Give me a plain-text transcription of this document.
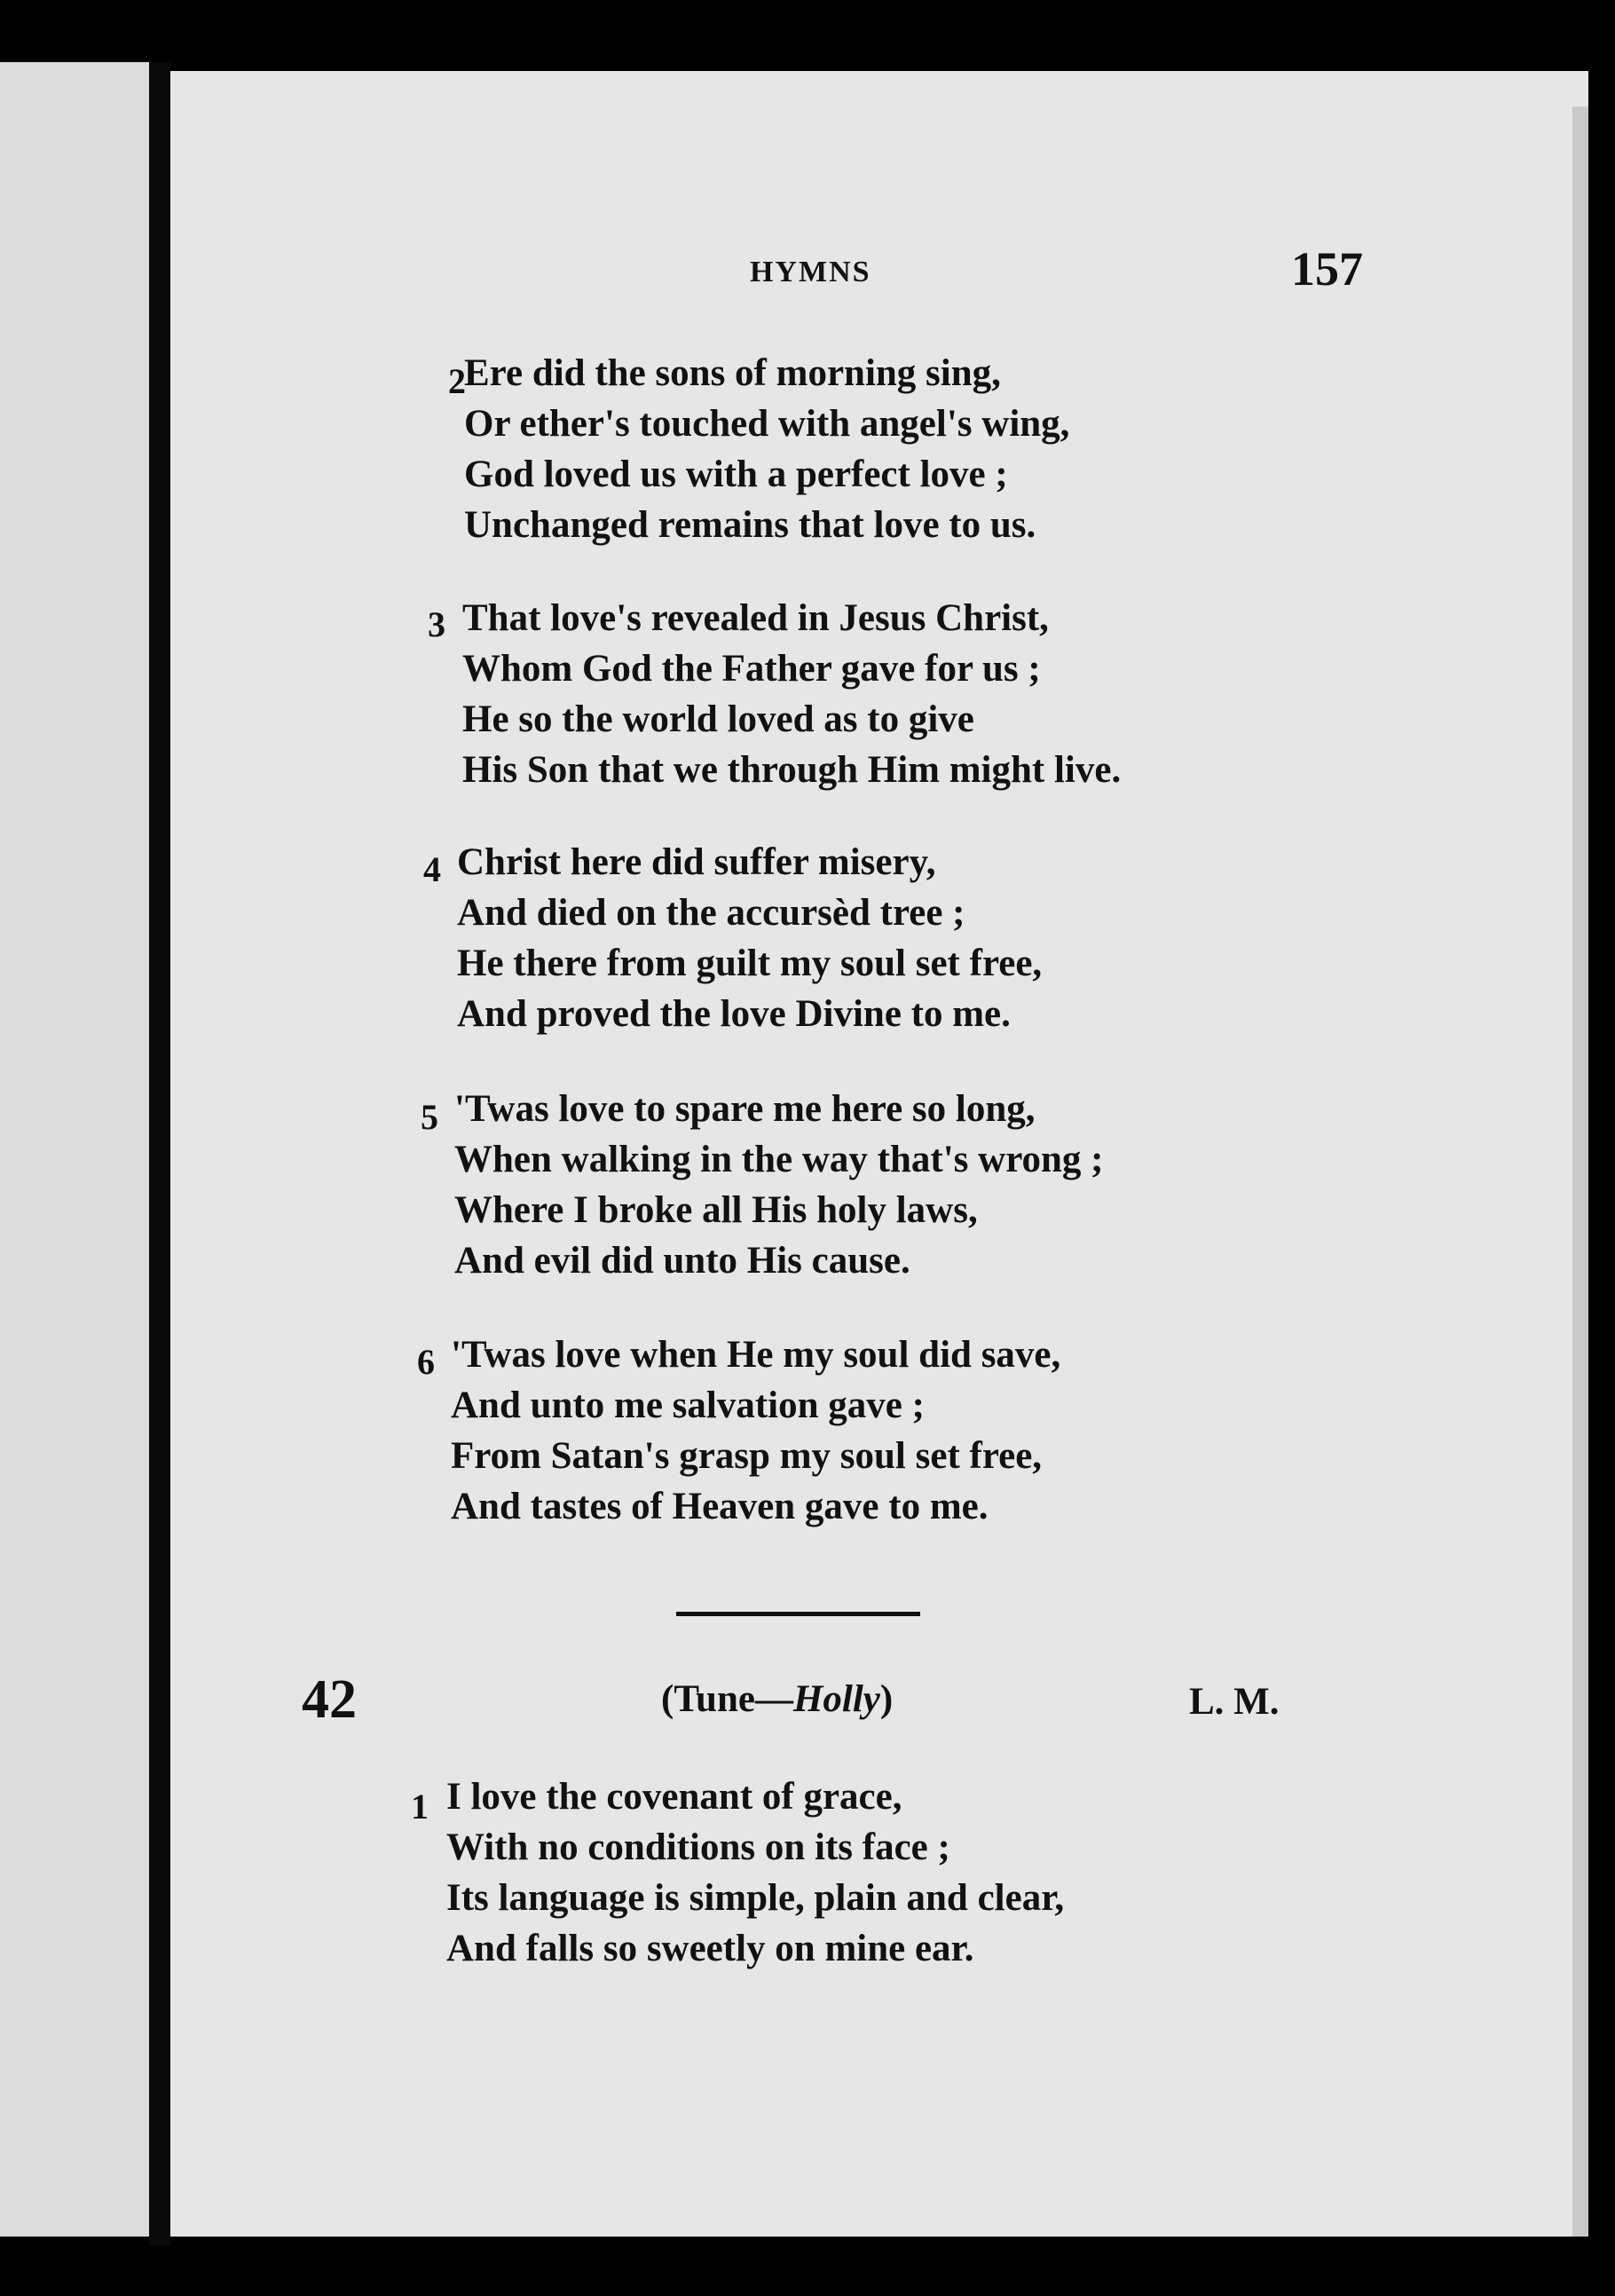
HYMNS	157
2
Ere did the sons of morning sing,
Or ether's touched with angel's wing,
God loved us with a perfect love ;
Unchanged remains that love to us.
3 That love's revealed in Jesus Christ,
Whom God the Father gave for us ;
He so the world loved as to give
His Son that we through Him might live.
4 Christ here did suffer misery,
And died on the accursèd tree ;
He there from guilt my soul set free,
And proved the love Divine to me.
5 'Twas love to spare me here so long,
When walking in the way that's wrong ;
Where I broke all His holy laws,
And evil did unto His cause.
6 'Twas love when He my soul did save,
And unto me salvation gave ;
From Satan's grasp my soul set free,
And tastes of Heaven gave to me.
42	(Tune—Holly)	L. M.
1 I love the covenant of grace,
With no conditions on its face ;
Its language is simple, plain and clear,
And falls so sweetly on mine ear.
